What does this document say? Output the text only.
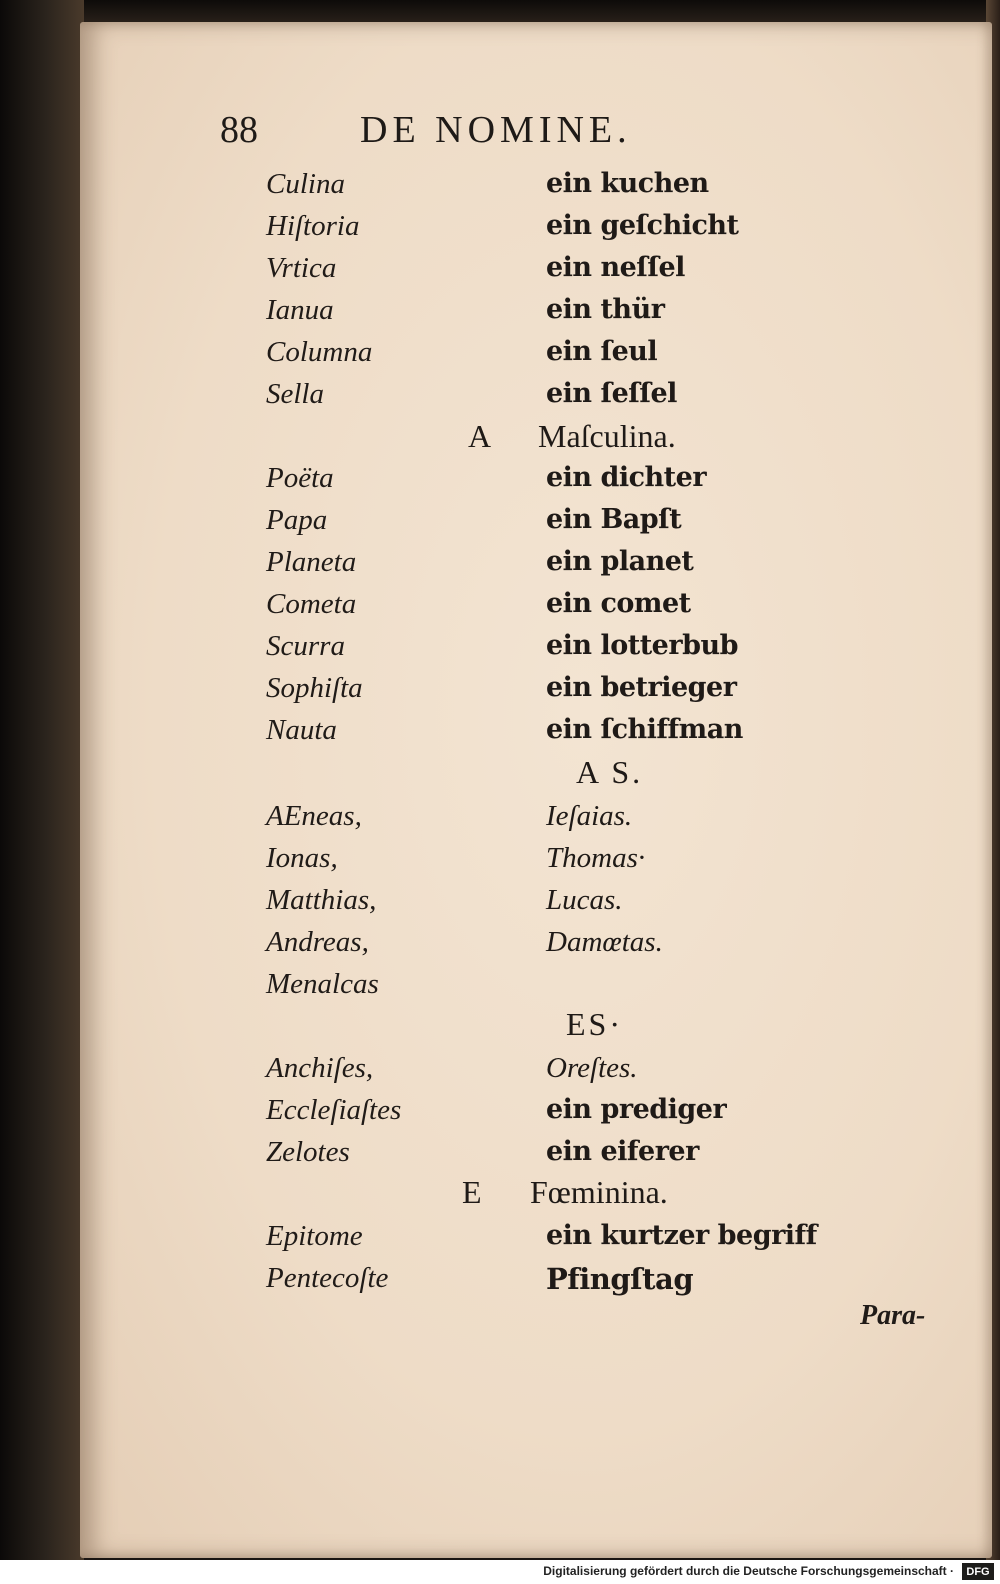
88	DE NOMINE.
Culina	ein kuchen
Hiſtoria	ein geſchicht
Vrtica	ein neſſel
Ianua	ein thür
Columna	ein ſeul
Sella	ein ſeſſel
A Maſculina.
Poëta	ein dichter
Papa	ein Bapſt
Planeta	ein planet
Cometa	ein comet
Scurra	ein lotterbub
Sophiſta	ein betrieger
Nauta	ein ſchiffman
A S.
AEneas,	Ieſaias.
Ionas,	Thomas·
Matthias,	Lucas.
Andreas,	Damœtas.
Menalcas
ES·
Anchiſes,	Oreſtes.
Eccleſiaſtes	ein prediger
Zelotes	ein eiferer
E Fœminina.
Epitome	ein kurtzer begriff
Pentecoſte	Pfingſtag
Para-
Digitalisierung gefördert durch die Deutsche Forschungsgemeinschaft ·	DFG
